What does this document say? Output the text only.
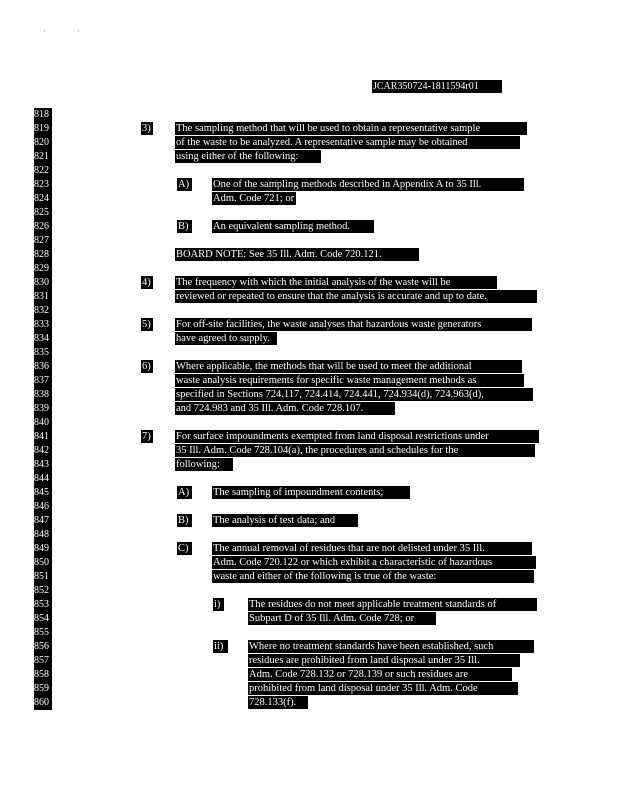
'	'
JCAR350724-1811594r01
818
819
820
821
822
823
824
825
826
827
828
829
830
831
832
833
834
835
836
837
838
839
840
841
842
843
844
845
846
847
848
849
850
851
852
853
854
855
856
857
858
859
860
3) The sampling method that will be used to obtain a representative sample
of the waste to be analyzed. A representative sample may be obtained
using either of the following:
A) One of the sampling methods described in Appendix A to 35 Ill.
Adm. Code 721; or
B)	An equivalent sampling method.
BOARD NOTE: See 35 Ill. Adm. Code 720.121.
4) The frequency with which the initial analysis of the waste will be
reviewed or repeated to ensure that the analysis is accurate and up to date.
5) For off-site facilities, the waste analyses that hazardous waste generators
have agreed to supply.
6) Where applicable, the methods that will be used to meet the additional
waste analysis requirements for specific waste management methods as
specified in Sections 724.117, 724.414, 724.441, 724.934(d), 724.963(d),
and 724.983 and 35 Ill. Adm. Code 728.107.
7) For surface impoundments exempted from land disposal restrictions under
35 Ill. Adm. Code 728.104(a), the procedures and schedules for the
following:
A) The sampling of impoundment contents;
B)	The analysis of test data; and
C)	The annual removal of residues that are not delisted under 35 Ill.
Adm. Code 720.122 or which exhibit a characteristic of hazardous
waste and either of the following is true of the waste:
i)	The residues do not meet applicable treatment standards of
Subpart D of 35 Ill. Adm. Code 728; or
ii)	Where no treatment standards have been established, such
residues are prohibited from land disposal under 35 Ill.
Adm. Code 728.132 or 728.139 or such residues are
prohibited from land disposal under 35 Ill. Adm. Code
728.133(f).
